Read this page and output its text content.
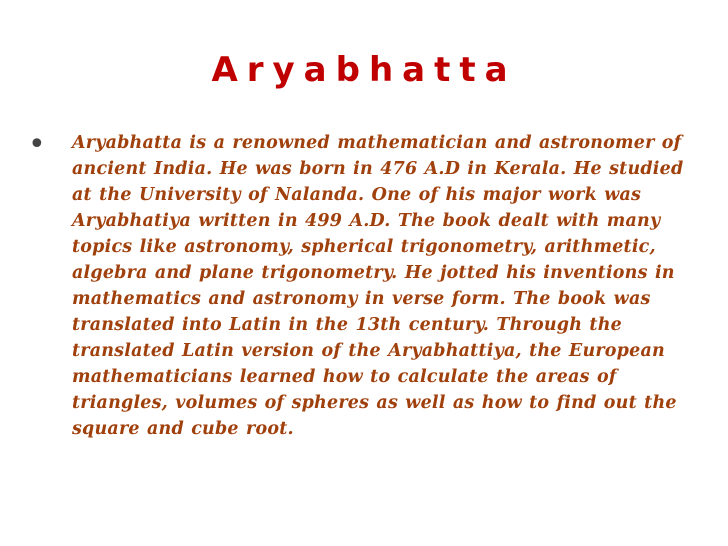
Aryabhatta
• Aryabhatta is a renowned mathematician and astronomer of ancient India. He was born in 476 A.D in Kerala. He studied at the University of Nalanda. One of his major work was Aryabhatiya written in 499 A.D. The book dealt with many topics like astronomy, spherical trigonometry, arithmetic, algebra and plane trigonometry. He jotted his inventions in mathematics and astronomy in verse form. The book was translated into Latin in the 13th century. Through the translated Latin version of the Aryabhattiya, the European mathematicians learned how to calculate the areas of triangles, volumes of spheres as well as how to find out the square and cube root.
